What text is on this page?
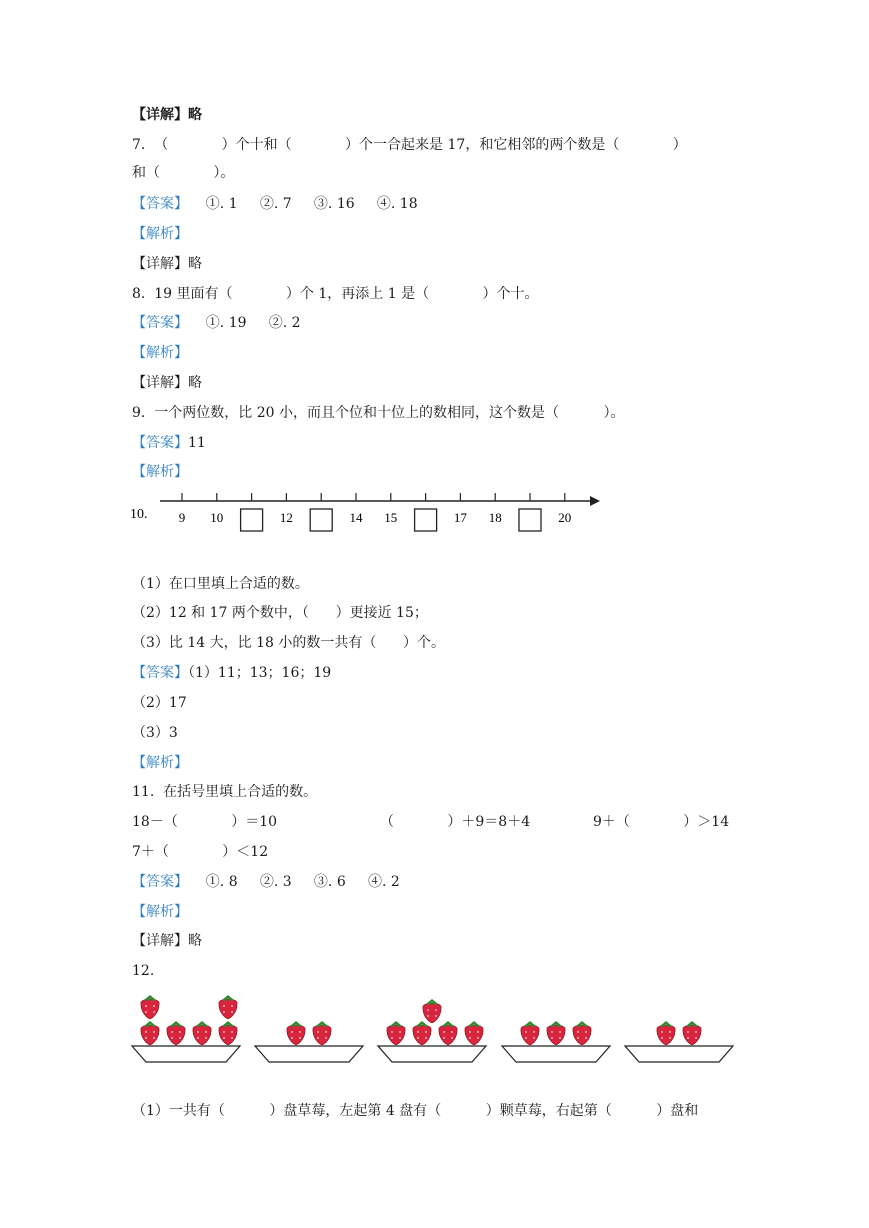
【详解】略
7.  （            ）个十和（            ）个一合起来是 17，和它相邻的两个数是（            ）
和（            ）。
【答案】    ①. 1     ②. 7     ③. 16     ④. 18
【解析】
【详解】略
8.  19 里面有（            ）个 1，再添上 1 是（            ）个十。
【答案】    ①. 19     ②. 2
【解析】
【详解】略
9.  一个两位数，比 20 小，而且个位和十位上的数相同，这个数是（          ）。
【答案】11
【解析】
10. 9 10	12	14 15	17 18	20
（1）在口里填上合适的数。
（2）12 和 17 两个数中，（      ）更接近 15；
（3）比 14 大，比 18 小的数一共有（      ）个。
【答案】（1）11；13；16；19
（2）17
（3）3
【解析】
11.  在括号里填上合适的数。
18－（            ）＝10	（            ）＋9＝8＋4	9＋（            ）＞14
7＋（            ）＜12
【答案】    ①. 8     ②. 3     ③. 6     ④. 2
【解析】
【详解】略
12.
（1）一共有（          ）盘草莓，左起第 4 盘有（          ）颗草莓，右起第（          ）盘和
